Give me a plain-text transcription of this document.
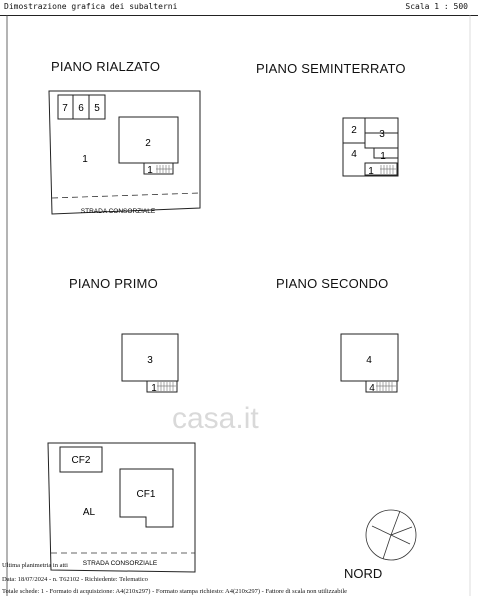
Dimostrazione grafica dei subalterni	Scala 1 : 500
PIANO RIALZATO	PIANO SEMINTERRATO
PIANO PRIMO	PIANO SECONDO
7 6 5
2
1
1
STRADA CONSORZIALE
2 3
4 1
1
3
1
4
4
casa.it
CF2
CF1
AL
STRADA CONSORZIALE
NORD
Ultima planimetria in atti
Data: 18/07/2024 - n. T62102 - Richiedente: Telematico
Totale schede: 1 - Formato di acquisizione: A4(210x297) - Formato stampa richiesto: A4(210x297) - Fattore di scala non utilizzabile
